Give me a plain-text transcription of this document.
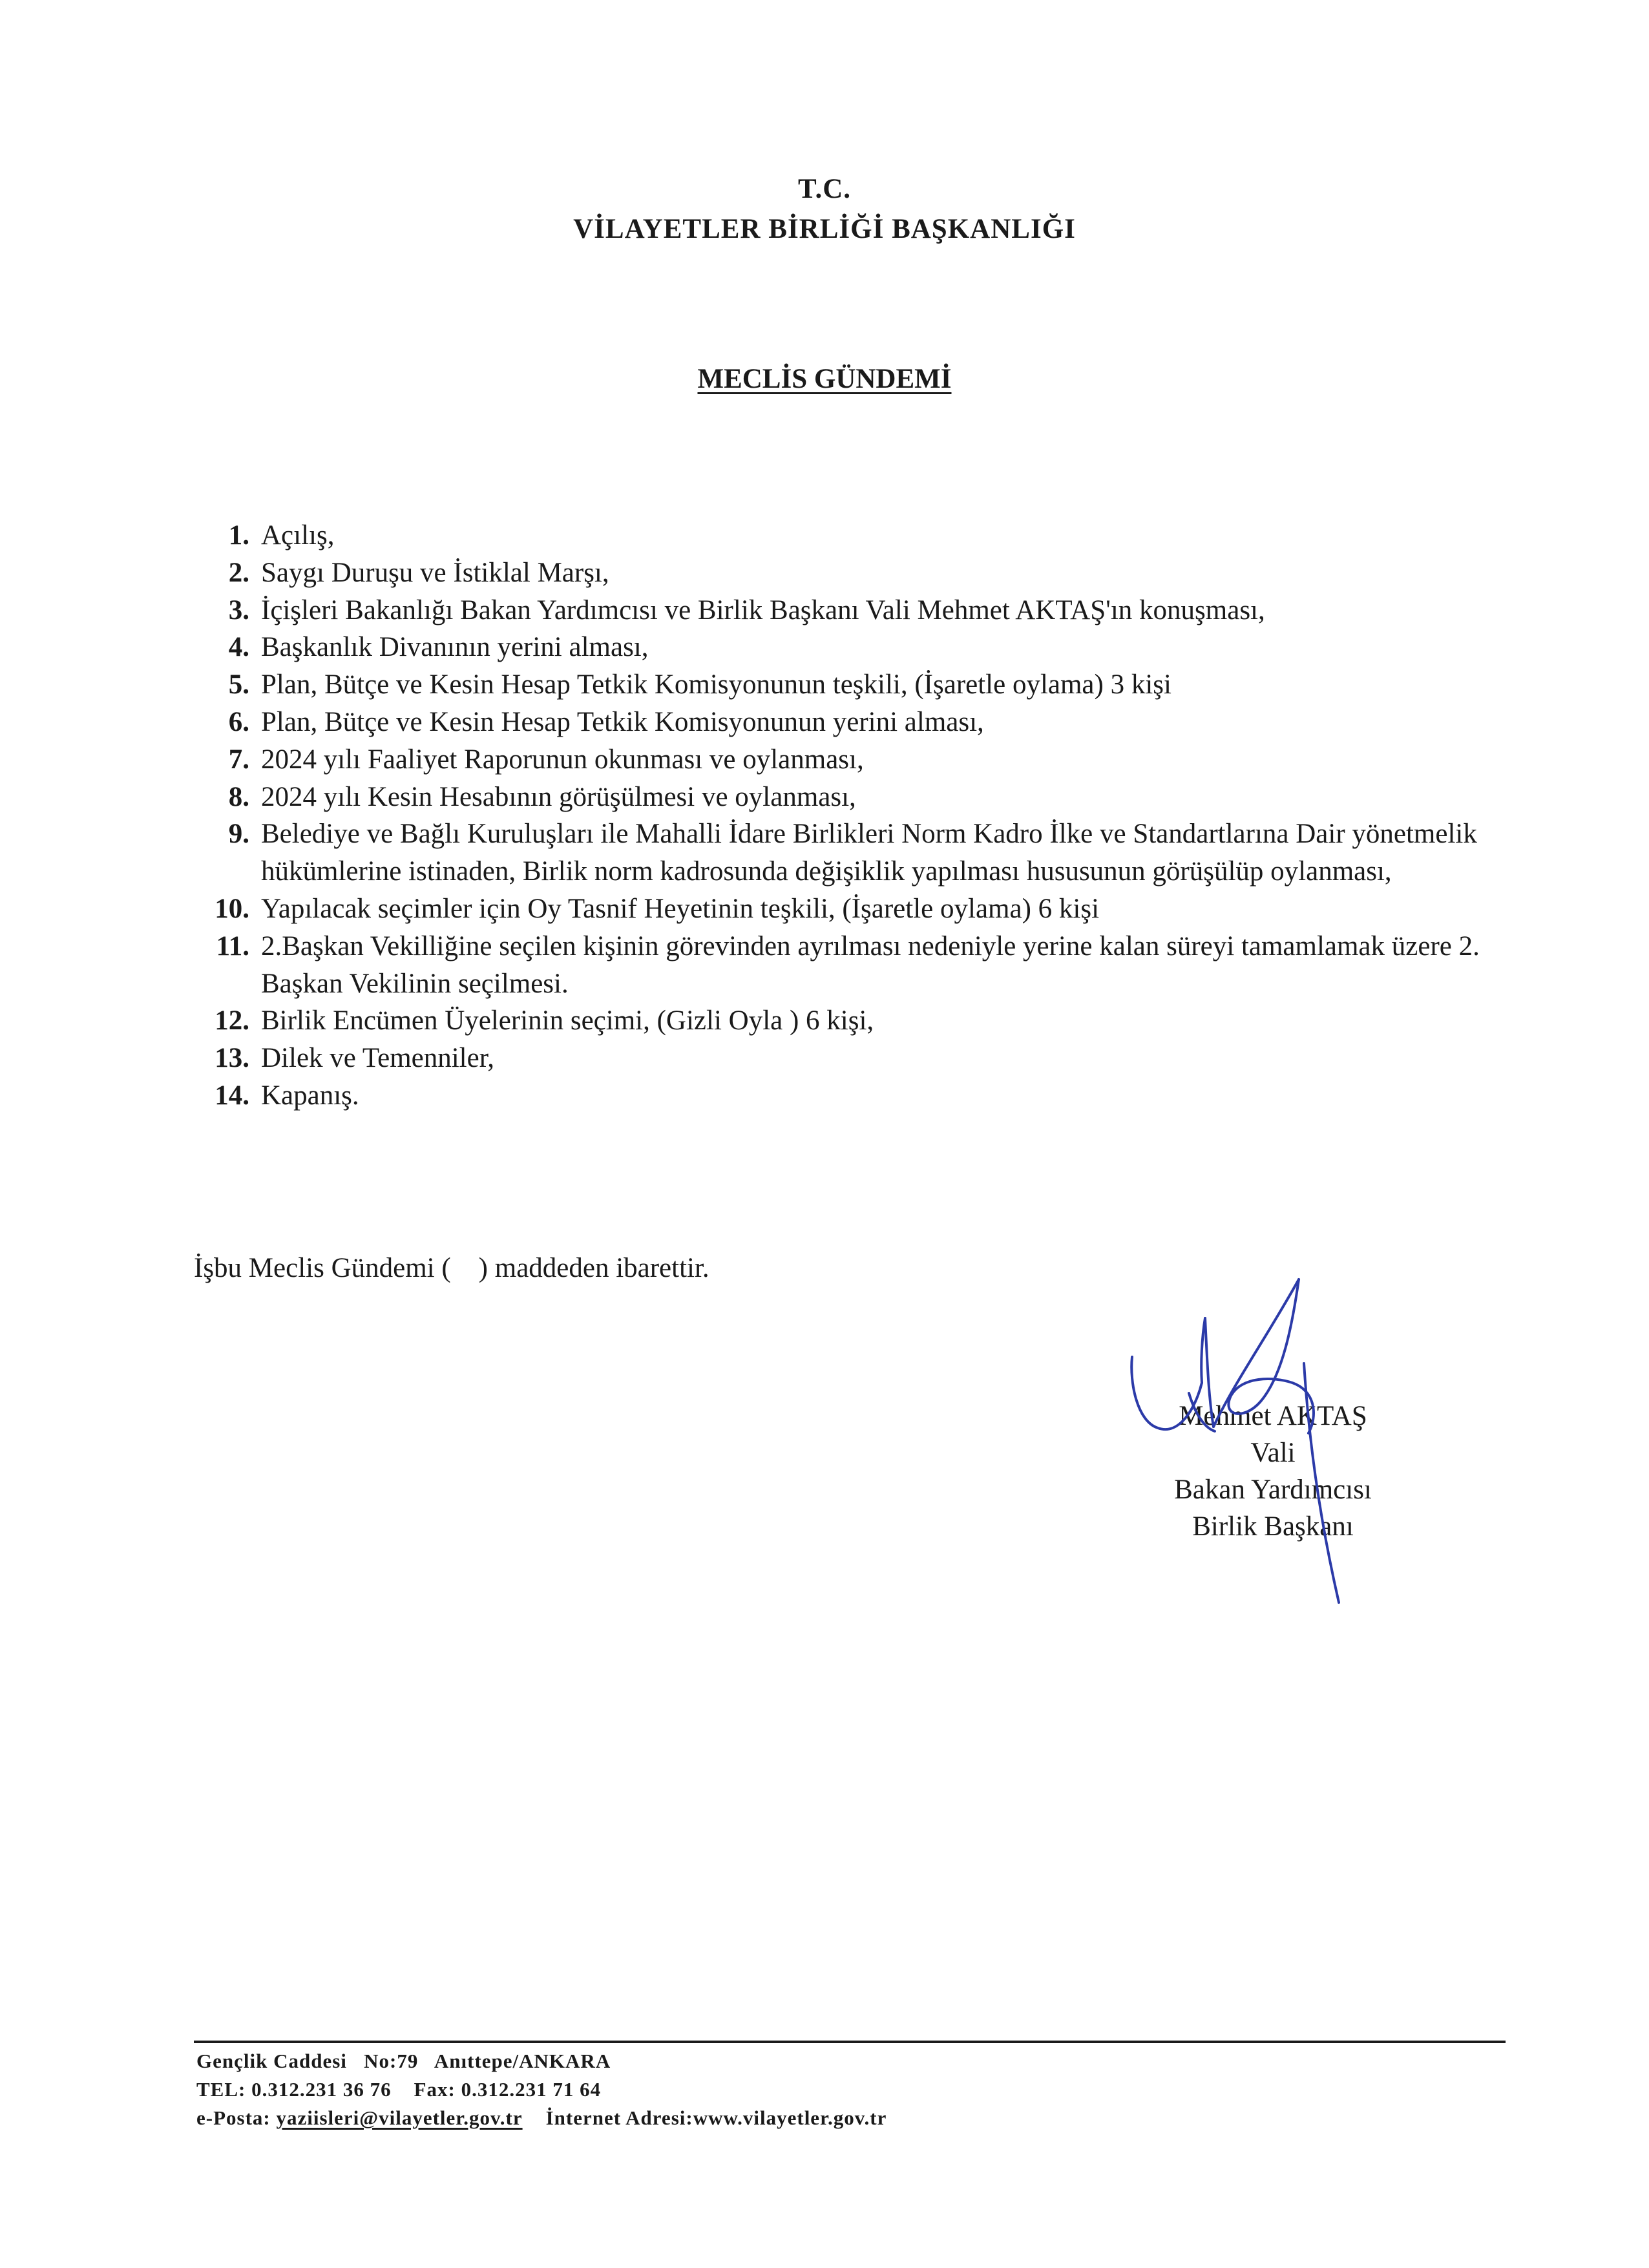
T.C.
VİLAYETLER BİRLİĞİ BAŞKANLIĞI
MECLİS GÜNDEMİ
1. Açılış,
2. Saygı Duruşu ve İstiklal Marşı,
3. İçişleri Bakanlığı Bakan Yardımcısı ve Birlik Başkanı Vali Mehmet AKTAŞ'ın konuşması,
4. Başkanlık Divanının yerini alması,
5. Plan, Bütçe ve Kesin Hesap Tetkik Komisyonunun teşkili, (İşaretle oylama) 3 kişi
6. Plan, Bütçe ve Kesin Hesap Tetkik Komisyonunun yerini alması,
7. 2024 yılı Faaliyet Raporunun okunması ve oylanması,
8. 2024 yılı Kesin Hesabının görüşülmesi ve oylanması,
9. Belediye ve Bağlı Kuruluşları ile Mahalli İdare Birlikleri Norm Kadro İlke ve Standartlarına Dair yönetmelik hükümlerine istinaden, Birlik norm kadrosunda değişiklik yapılması hususunun görüşülüp oylanması,
10. Yapılacak seçimler için Oy Tasnif Heyetinin teşkili, (İşaretle oylama) 6 kişi
11. 2.Başkan Vekilliğine seçilen kişinin görevinden ayrılması nedeniyle yerine kalan süreyi tamamlamak üzere 2. Başkan Vekilinin seçilmesi.
12. Birlik Encümen Üyelerinin seçimi, (Gizli Oyla ) 6 kişi,
13. Dilek ve Temenniler,
14. Kapanış.
İşbu Meclis Gündemi (    ) maddeden ibarettir.
Mehmet AKTAŞ
Vali
Bakan Yardımcısı
Birlik Başkanı
Gençlik Caddesi   No:79   Anıttepe/ANKARA
TEL: 0.312.231 36 76    Fax: 0.312.231 71 64
e-Posta: yaziisleri@vilayetler.gov.tr İnternet Adresi:www.vilayetler.gov.tr
